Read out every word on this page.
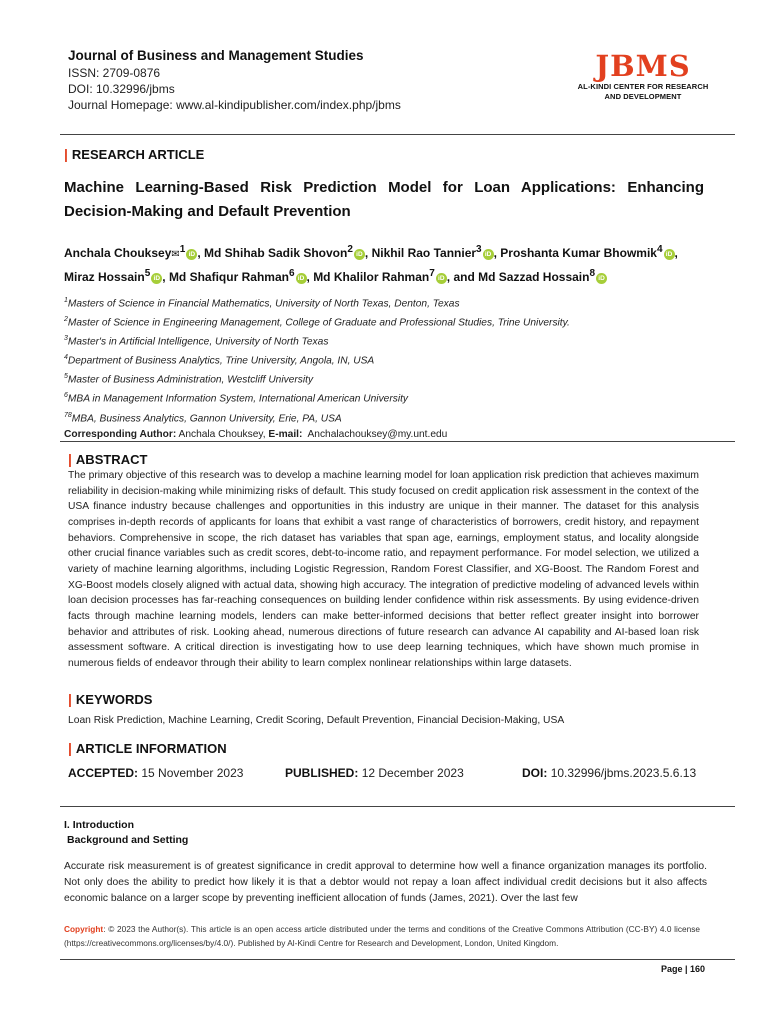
Journal of Business and Management Studies
ISSN: 2709-0876
DOI: 10.32996/jbms
Journal Homepage: www.al-kindipublisher.com/index.php/jbms
JBMS
AL-KINDI CENTER FOR RESEARCH
AND DEVELOPMENT
| RESEARCH ARTICLE
Machine Learning-Based Risk Prediction Model for Loan Applications: Enhancing Decision-Making and Default Prevention
Anchala Chouksey✉$^1$ iD , Md Shihab Sadik Shovon$^2$ iD , Nikhil Rao Tannier$^3$ iD , Proshanta Kumar Bhowmik$^4$ iD ,
Miraz Hossain$^5$ iD , Md Shafiqur Rahman$^6$ iD , Md Khalilor Rahman$^7$ iD , and Md Sazzad Hossain$^8$ iD
$^1$Masters of Science in Financial Mathematics, University of North Texas, Denton, Texas
$^2$Master of Science in Engineering Management, College of Graduate and Professional Studies, Trine University.
$^3$Master's in Artificial Intelligence, University of North Texas
$^4$Department of Business Analytics, Trine University, Angola, IN, USA
$^5$Master of Business Administration, Westcliff University
$^6$MBA in Management Information System, International American University
$^{78}$MBA, Business Analytics, Gannon University, Erie, PA, USA
Corresponding Author: Anchala Chouksey, E-mail: Anchalachouksey@my.unt.edu
| ABSTRACT
The primary objective of this research was to develop a machine learning model for loan application risk prediction that achieves maximum reliability in decision-making while minimizing risks of default. This study focused on credit application risk assessment in the context of the USA finance industry because challenges and opportunities in this industry are unique in their manner. The dataset for this analysis comprises in-depth records of applicants for loans that exhibit a vast range of characteristics of borrowers, credit history, and repayment behaviors. Comprehensive in scope, the rich dataset has variables that span age, earnings, employment status, and locality alongside other crucial finance variables such as credit scores, debt-to-income ratio, and repayment performance. For model selection, we utilized a variety of machine learning algorithms, including Logistic Regression, Random Forest Classifier, and XG-Boost. The Random Forest and XG-Boost models closely aligned with actual data, showing high accuracy. The integration of predictive modeling of advanced levels within loan decision processes has far-reaching consequences on building lender confidence within risk assessments. By using evidence-driven facts through machine learning models, lenders can make better-informed decisions that better reflect greater insight into borrower behavior and attributes of risk. Looking ahead, numerous directions of future research can advance AI capability and AI-based loan risk assessment software. A critical direction is investigating how to use deep learning techniques, which have shown much promise in numerous fields of endeavor through their ability to learn complex nonlinear relationships within large datasets.
| KEYWORDS
Loan Risk Prediction, Machine Learning, Credit Scoring, Default Prevention, Financial Decision-Making, USA
| ARTICLE INFORMATION
ACCEPTED: 15 November 2023	PUBLISHED: 12 December 2023	DOI: 10.32996/jbms.2023.5.6.13
I. Introduction
Background and Setting
Accurate risk measurement is of greatest significance in credit approval to determine how well a finance organization manages its portfolio. Not only does the ability to predict how likely it is that a debtor would not repay a loan affect individual credit decisions but it also affects economic balance on a larger scope by preventing inefficient allocation of funds (James, 2021). Over the last few
Copyright: © 2023 the Author(s). This article is an open access article distributed under the terms and conditions of the Creative Commons Attribution (CC-BY) 4.0 license (https://creativecommons.org/licenses/by/4.0/). Published by Al-Kindi Centre for Research and Development, London, United Kingdom.
Page | 160
